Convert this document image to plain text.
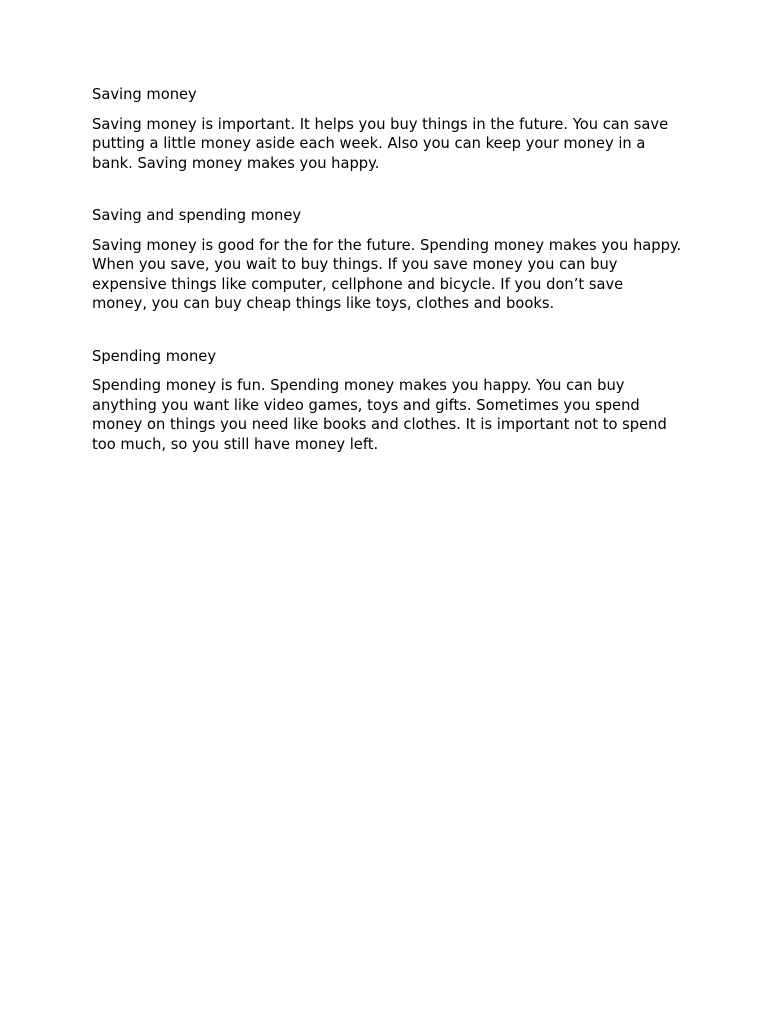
Saving money

Saving money is important. It helps you buy things in the future. You can save putting a little money aside each week. Also you can keep your money in a bank. Saving money makes you happy.

Saving and spending money

Saving money is good for the for the future. Spending money makes you happy. When you save, you wait to buy things. If you save money you can buy expensive things like computer, cellphone and bicycle. If you don’t save money, you can buy cheap things like toys, clothes and books.

Spending money

Spending money is fun. Spending money makes you happy. You can buy anything you want like video games, toys and gifts. Sometimes you spend money on things you need like books and clothes. It is important not to spend too much, so you still have money left.
